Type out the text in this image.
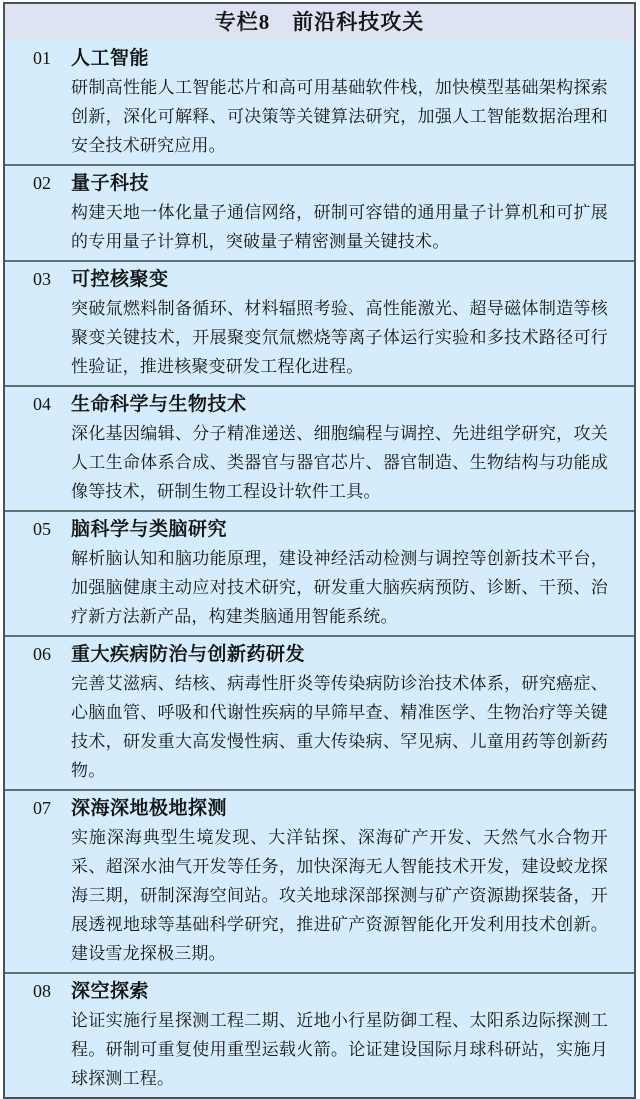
专栏8　前沿科技攻关
01	人工智能

研制高性能人工智能芯片和高可用基础软件栈，加快模型基础架构探索创新，深化可解释、可决策等关键算法研究，加强人工智能数据治理和安全技术研究应用。

02	量子科技

构建天地一体化量子通信网络，研制可容错的通用量子计算机和可扩展的专用量子计算机，突破量子精密测量关键技术。

03	可控核聚变

突破氚燃料制备循环、材料辐照考验、高性能激光、超导磁体制造等核聚变关键技术，开展聚变氘氚燃烧等离子体运行实验和多技术路径可行性验证，推进核聚变研发工程化进程。

04	生命科学与生物技术

深化基因编辑、分子精准递送、细胞编程与调控、先进组学研究，攻关人工生命体系合成、类器官与器官芯片、器官制造、生物结构与功能成像等技术，研制生物工程设计软件工具。

05	脑科学与类脑研究

解析脑认知和脑功能原理，建设神经活动检测与调控等创新技术平台，加强脑健康主动应对技术研究，研发重大脑疾病预防、诊断、干预、治疗新方法新产品，构建类脑通用智能系统。

06	重大疾病防治与创新药研发

完善艾滋病、结核、病毒性肝炎等传染病防诊治技术体系，研究癌症、心脑血管、呼吸和代谢性疾病的早筛早查、精准医学、生物治疗等关键技术，研发重大高发慢性病、重大传染病、罕见病、儿童用药等创新药物。

07	深海深地极地探测

实施深海典型生境发现、大洋钻探、深海矿产开发、天然气水合物开采、超深水油气开发等任务，加快深海无人智能技术开发，建设蛟龙探海三期，研制深海空间站。攻关地球深部探测与矿产资源勘探装备，开展透视地球等基础科学研究，推进矿产资源智能化开发利用技术创新。建设雪龙探极三期。

08	深空探索

论证实施行星探测工程二期、近地小行星防御工程、太阳系边际探测工程。研制可重复使用重型运载火箭。论证建设国际月球科研站，实施月球探测工程。
